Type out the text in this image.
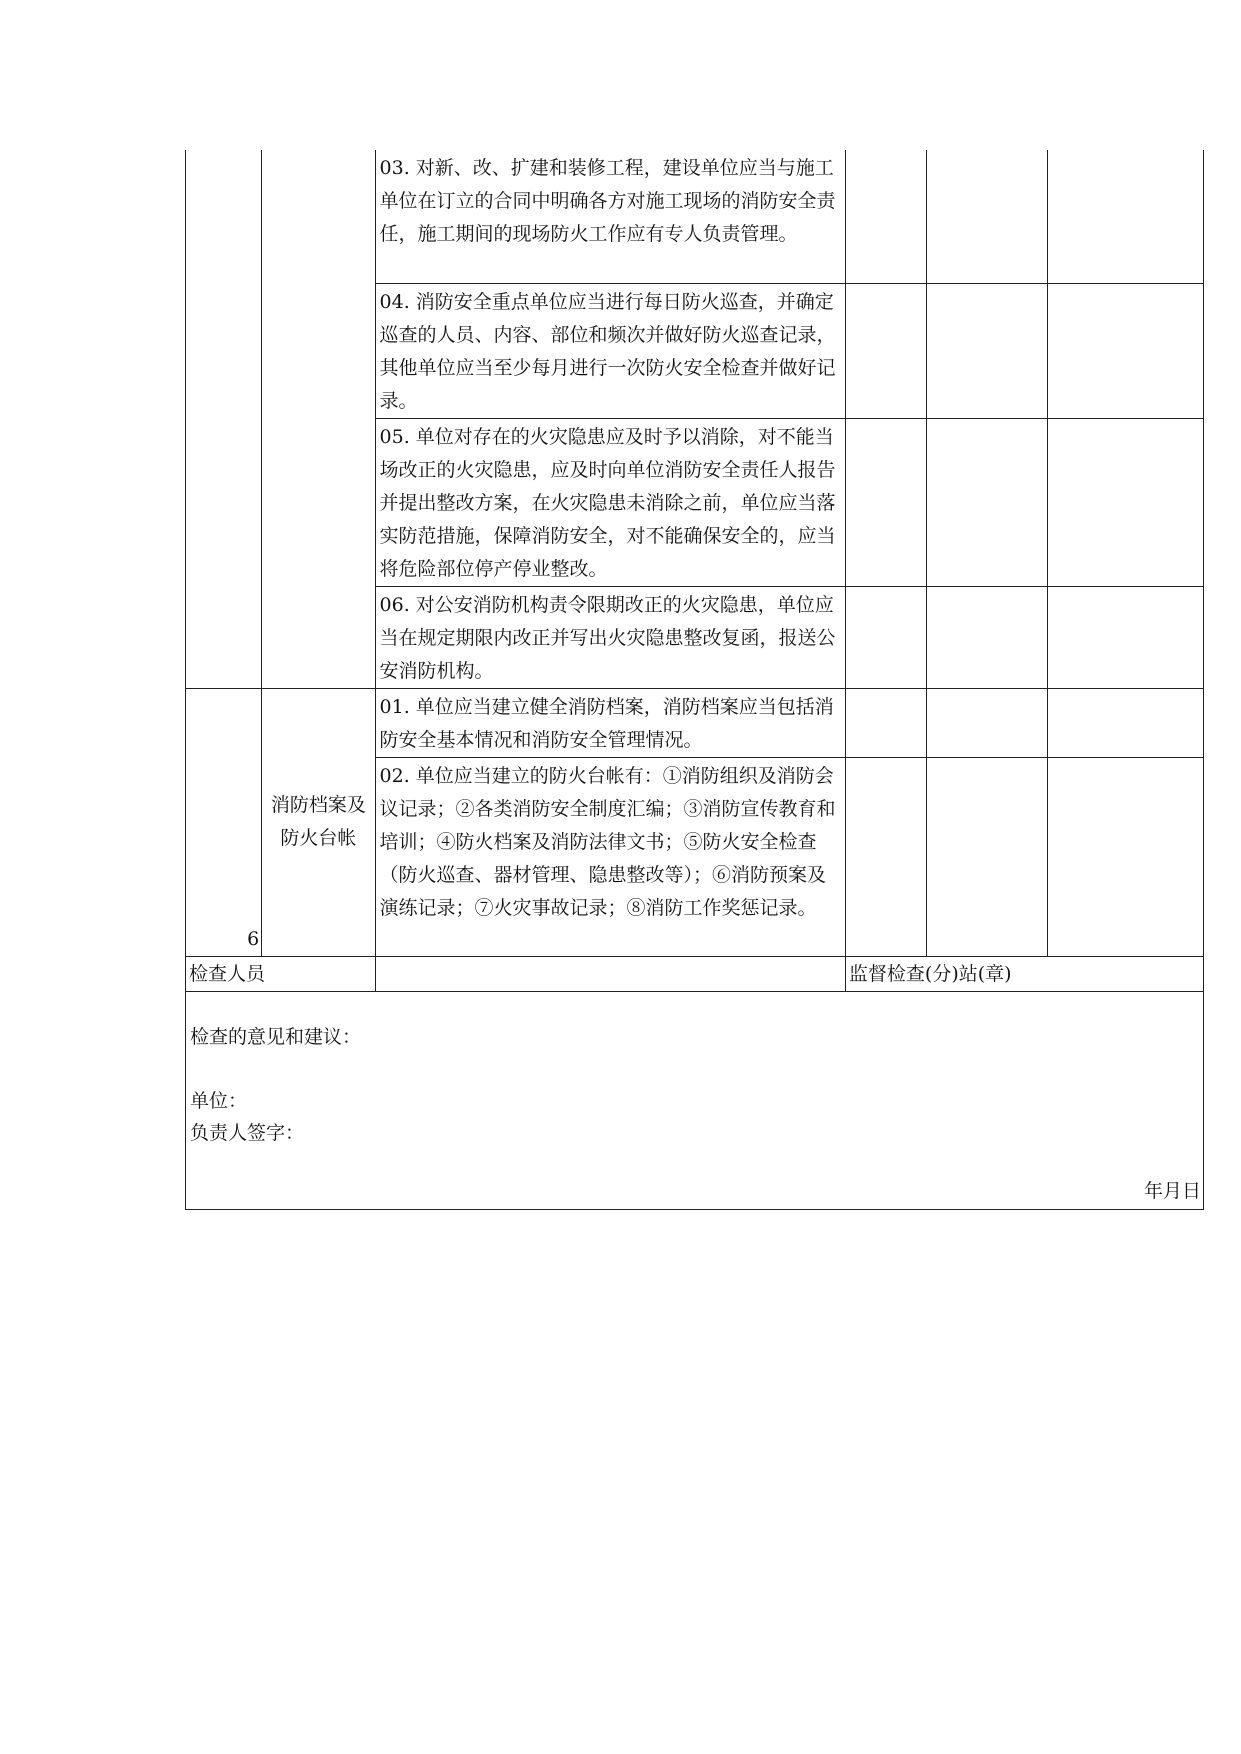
		03. 对新、改、扩建和装修工程，建设单位应当与施工单位在订立的合同中明确各方对施工现场的消防安全责任，施工期间的现场防火工作应有专人负责管理。			
		04. 消防安全重点单位应当进行每日防火巡查，并确定巡查的人员、内容、部位和频次并做好防火巡查记录，其他单位应当至少每月进行一次防火安全检查并做好记录。			
		05. 单位对存在的火灾隐患应及时予以消除，对不能当场改正的火灾隐患，应及时向单位消防安全责任人报告并提出整改方案，在火灾隐患未消除之前，单位应当落实防范措施，保障消防安全，对不能确保安全的，应当将危险部位停产停业整改。			
		06. 对公安消防机构责令限期改正的火灾隐患，单位应当在规定期限内改正并写出火灾隐患整改复函，报送公安消防机构。			
6	消防档案及防火台帐	01. 单位应当建立健全消防档案，消防档案应当包括消防安全基本情况和消防安全管理情况。			
		02. 单位应当建立的防火台帐有：①消防组织及消防会议记录；②各类消防安全制度汇编；③消防宣传教育和培训；④防火档案及消防法律文书；⑤防火安全检查（防火巡查、器材管理、隐患整改等）；⑥消防预案及演练记录；⑦火灾事故记录；⑧消防工作奖惩记录。			
检查人员			监督检查(分)站(章)		
检查的意见和建议：
单位：
负责人签字：
年月日
